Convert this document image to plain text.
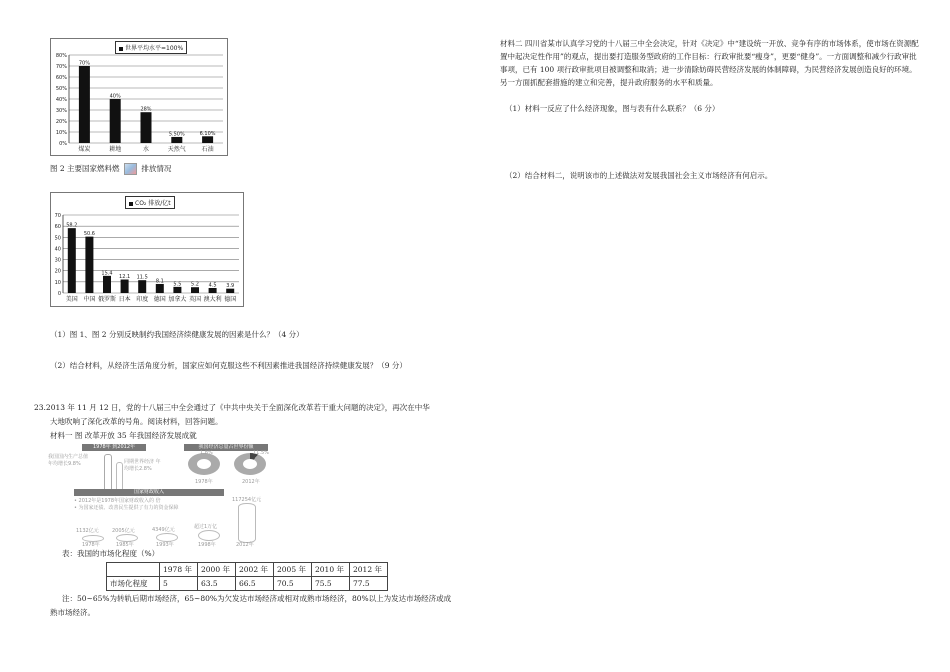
80%
70%
60%
50%
40%
30%
20%
10%
0%
70%
煤炭
40%
耕地
28%
水
5.50%
天然气
6.10%
石油
世界平均水平=100%
图 2 主要国家燃料燃	排放情况
70
60
50
40
30
20
10
0
58.2
美国
50.6
中国
15.4
俄罗斯
12.1
日本
11.5
印度
8.1
德国
5.5
加拿大
5.2
英国
4.5
澳大利
3.9
德国
CO₂ 排放/亿t
（1）图 1、图 2 分别反映制约我国经济续健康发展的因素是什么？（4 分）
（2）结合材料，从经济生活角度分析，国家应如何克服这些不利因素推进我国经济持续健康发展？（9 分）
23.2013 年 11 月 12 日，党的十八届三中全会通过了《中共中央关于全面深化改革若干重大问题的决定》，再次在中华
大地吹响了深化改革的号角。阅读材料，回答问题。
材料一 图 改革开放 35 年我国经济发展成就
1978年 到2012年
我国国内生产总值 年均增长9.8%	同期世界经济 年均增长2.8%
我国经济总量占世界份额
1.8%	11.5%
1978年	2012年
国家财政收入
• 2012年是1978年国家财政收入的 倍
• 为国家还债、改善民生提供了有力的资金保障
117254亿元
1132亿元	2005亿元	4349亿元	超过1万亿
1978年	1985年	1993年	1998年	2012年
表：我国的市场化程度（%）
	1978 年	2000 年	2002 年	2005 年	2010 年	2012 年
市场化程度	5	63.5	66.5	70.5	75.5	77.5
注：50~65%为转轨后期市场经济，65~80%为欠发达市场经济或相对成熟市场经济，80%以上为发达市场经济或成
熟市场经济。
材料二 四川省某市认真学习党的十八届三中全会决定，针对《决定》中“建设统一开放、竞争有序的市场体系，使市场在资源配置中起决定性作用”的观点，提出要打造服务型政府的工作目标：行政审批要“瘦身”，更要“健身”。一方面调整和减少行政审批事项，已有 100 项行政审批项目被调整和取消；进一步清除妨碍民营经济发展的体制障碍，为民营经济发展创造良好的环境。另一方面抓配套措施的建立和完善，提升政府服务的水平和质量。
（1）材料一反应了什么经济现象，图与表有什么联系？（6 分）
（2）结合材料二，说明该市的上述做法对发展我国社会主义市场经济有何启示。
